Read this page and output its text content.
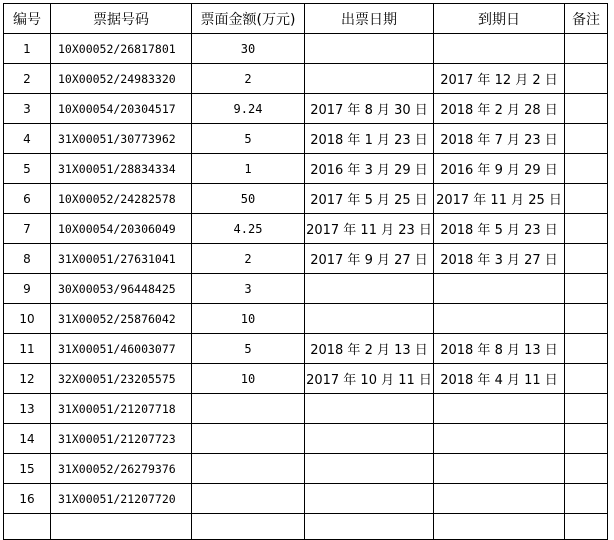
编号	票据号码	票面金额(万元)	出票日期	到期日	备注
1	10X00052/26817801	30			
2	10X00052/24983320	2		2017 年 12 月 2 日	
3	10X00054/20304517	9.24	2017 年 8 月 30 日	2018 年 2 月 28 日	
4	31X00051/30773962	5	2018 年 1 月 23 日	2018 年 7 月 23 日	
5	31X00051/28834334	1	2016 年 3 月 29 日	2016 年 9 月 29 日	
6	10X00052/24282578	50	2017 年 5 月 25 日	2017 年 11 月 25 日	
7	10X00054/20306049	4.25	2017 年 11 月 23 日	2018 年 5 月 23 日	
8	31X00051/27631041	2	2017 年 9 月 27 日	2018 年 3 月 27 日	
9	30X00053/96448425	3			
10	31X00052/25876042	10			
11	31X00051/46003077	5	2018 年 2 月 13 日	2018 年 8 月 13 日	
12	32X00051/23205575	10	2017 年 10 月 11 日	2018 年 4 月 11 日	
13	31X00051/21207718				
14	31X00051/21207723				
15	31X00052/26279376				
16	31X00051/21207720				
